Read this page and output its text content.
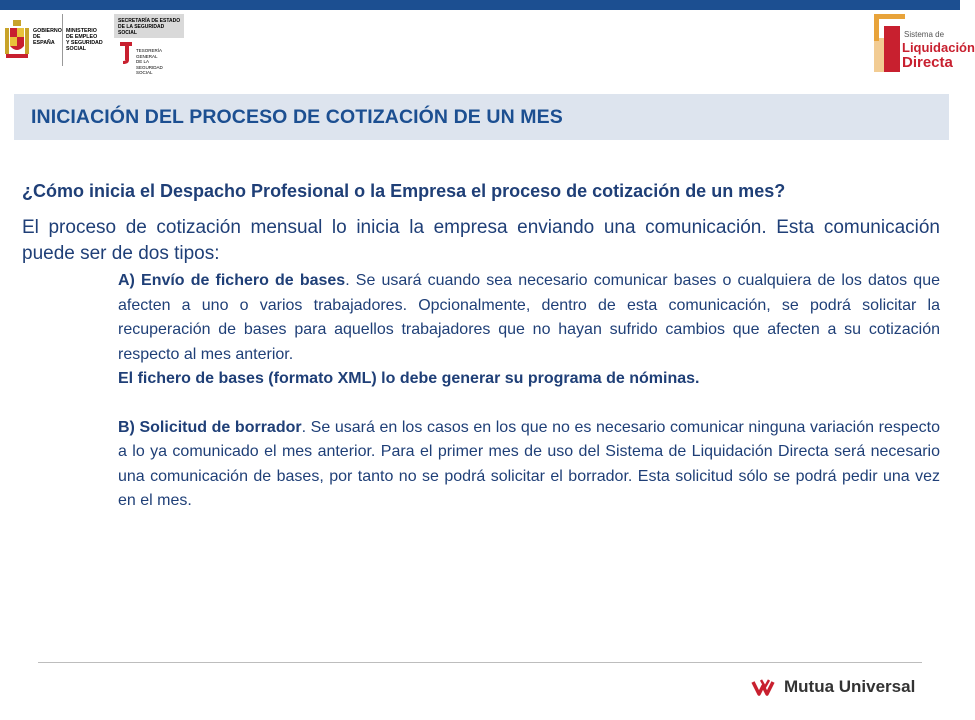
GOBIERNO
DE ESPAÑA
MINISTERIO
DE EMPLEO
Y SEGURIDAD SOCIAL
SECRETARÍA DE ESTADO
DE LA SEGURIDAD SOCIAL
TESORERÍA GENERAL
DE LA SEGURIDAD SOCIAL
Sistema de
Liquidación
Directa
INICIACIÓN DEL PROCESO DE COTIZACIÓN DE UN MES

¿Cómo inicia el Despacho Profesional o la Empresa el proceso de cotización de un mes?

El proceso de cotización mensual lo inicia la empresa enviando una comunicación. Esta comunicación puede ser de dos tipos:

A) Envío de fichero de bases. Se usará cuando sea necesario comunicar bases o cualquiera de los datos que afecten a uno o varios trabajadores. Opcionalmente, dentro de esta comunicación, se podrá solicitar la recuperación de bases para aquellos trabajadores que no hayan sufrido cambios que afecten a su cotización respecto al mes anterior.

El fichero de bases (formato XML) lo debe generar su programa de nóminas.

B) Solicitud de borrador. Se usará en los casos en los que no es necesario comunicar ninguna variación respecto a lo ya comunicado el mes anterior. Para el primer mes de uso del Sistema de Liquidación Directa será necesario una comunicación de bases, por tanto no se podrá solicitar el borrador. Esta solicitud sólo se podrá pedir una vez en el mes.

Mutua Universal
